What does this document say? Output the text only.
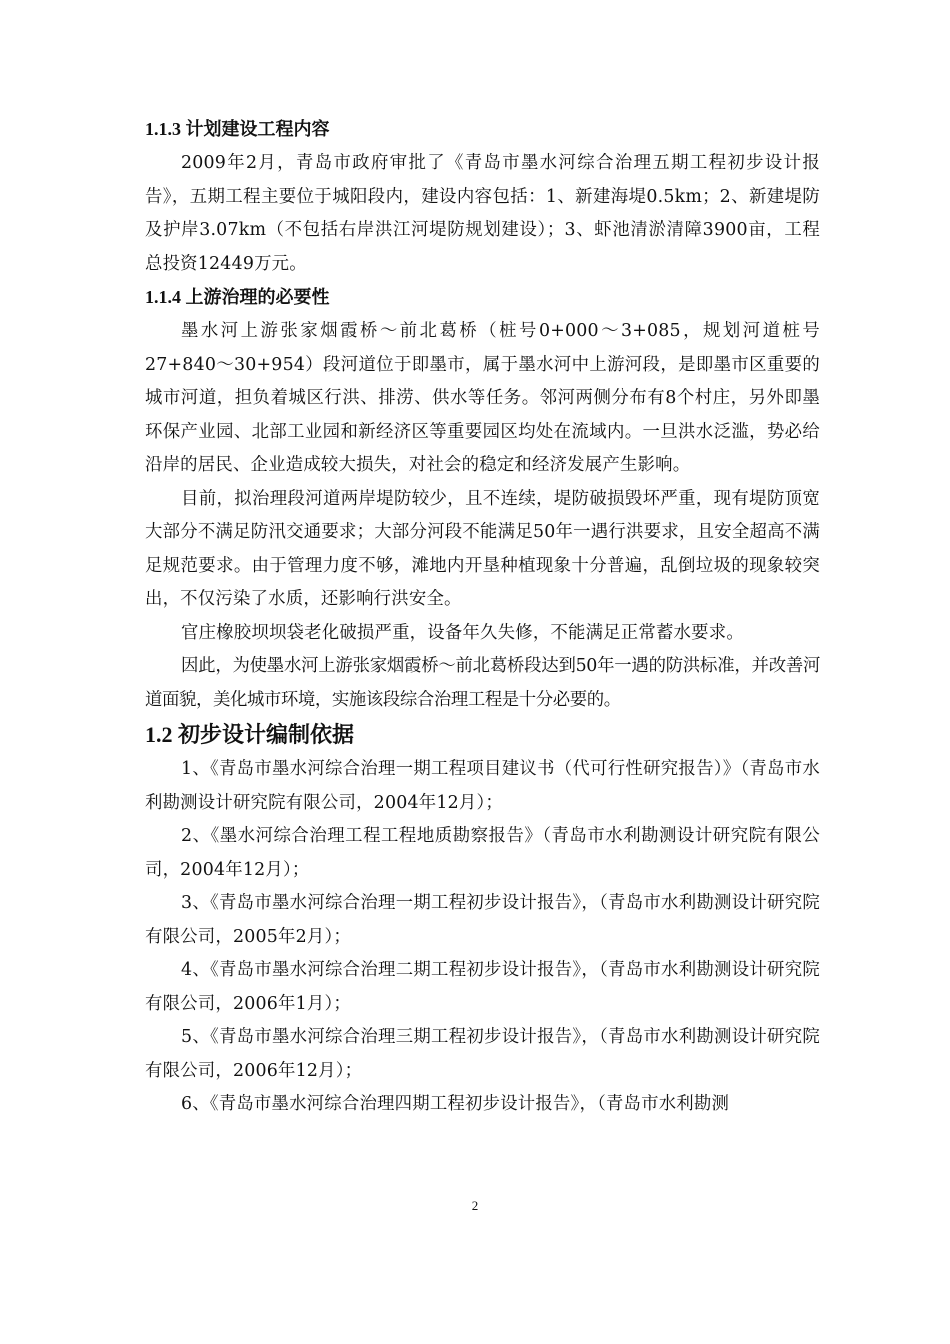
1.1.3 计划建设工程内容

2009年2月，青岛市政府审批了《青岛市墨水河综合治理五期工程初步设计报告》，五期工程主要位于城阳段内，建设内容包括：1、新建海堤0.5km；2、新建堤防及护岸3.07km（不包括右岸洪江河堤防规划建设）；3、虾池清淤清障3900亩，工程总投资12449万元。

1.1.4 上游治理的必要性

墨水河上游张家烟霞桥～前北葛桥（桩号0+000～3+085，规划河道桩号27+840～30+954）段河道位于即墨市，属于墨水河中上游河段，是即墨市区重要的城市河道，担负着城区行洪、排涝、供水等任务。邻河两侧分布有8个村庄，另外即墨环保产业园、北部工业园和新经济区等重要园区均处在流域内。一旦洪水泛滥，势必给沿岸的居民、企业造成较大损失，对社会的稳定和经济发展产生影响。

目前，拟治理段河道两岸堤防较少，且不连续，堤防破损毁坏严重，现有堤防顶宽大部分不满足防汛交通要求；大部分河段不能满足50年一遇行洪要求，且安全超高不满足规范要求。由于管理力度不够，滩地内开垦种植现象十分普遍，乱倒垃圾的现象较突出，不仅污染了水质，还影响行洪安全。

官庄橡胶坝坝袋老化破损严重，设备年久失修，不能满足正常蓄水要求。

因此，为使墨水河上游张家烟霞桥～前北葛桥段达到50年一遇的防洪标准，并改善河道面貌，美化城市环境，实施该段综合治理工程是十分必要的。

1.2 初步设计编制依据

1、《青岛市墨水河综合治理一期工程项目建议书（代可行性研究报告）》（青岛市水利勘测设计研究院有限公司，2004年12月）；

2、《墨水河综合治理工程工程地质勘察报告》（青岛市水利勘测设计研究院有限公司，2004年12月）；

3、《青岛市墨水河综合治理一期工程初步设计报告》，（青岛市水利勘测设计研究院有限公司，2005年2月）；

4、《青岛市墨水河综合治理二期工程初步设计报告》，（青岛市水利勘测设计研究院有限公司，2006年1月）；

5、《青岛市墨水河综合治理三期工程初步设计报告》，（青岛市水利勘测设计研究院有限公司，2006年12月）；

6、《青岛市墨水河综合治理四期工程初步设计报告》，（青岛市水利勘测

2
